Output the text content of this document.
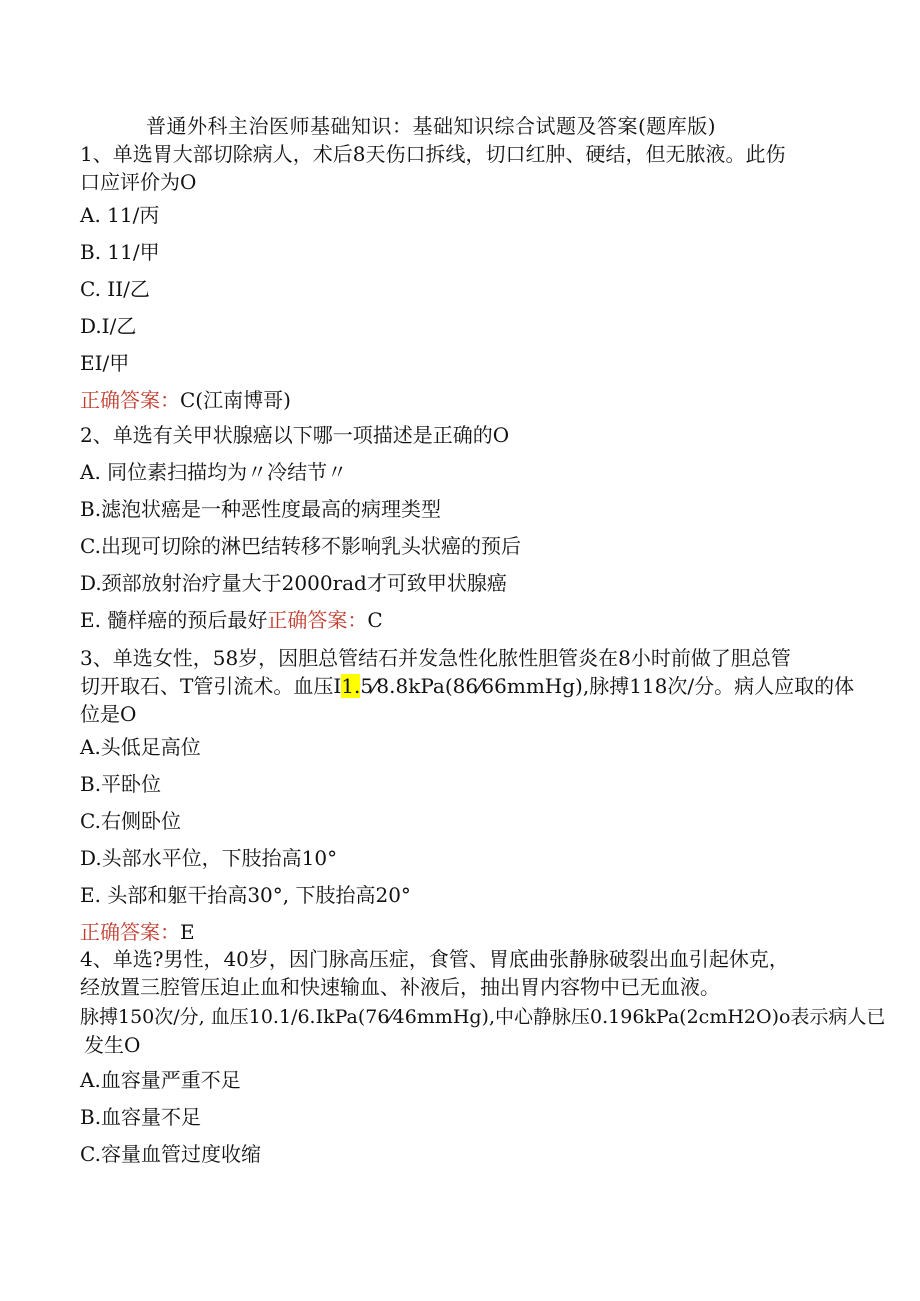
普通外科主治医师基础知识：基础知识综合试题及答案(题库版)
1、单选胃大部切除病人，术后8天伤口拆线，切口红肿、硬结，但无脓液。此伤
口应评价为O
A. 11/丙
B. 11/甲
C. II/乙
D.I/乙
EI/甲
正确答案：C(江南博哥)
2、单选有关甲状腺癌以下哪一项描述是正确的O
A. 同位素扫描均为〃冷结节〃
B.滤泡状癌是一种恶性度最高的病理类型
C.出现可切除的淋巴结转移不影响乳头状癌的预后
D.颈部放射治疗量大于2000rad才可致甲状腺癌
E. 髓样癌的预后最好正确答案：C
3、单选女性，58岁，因胆总管结石并发急性化脓性胆管炎在8小时前做了胆总管
切开取石、T管引流术。血压I1.5⁄8.8kPa(86⁄66mmHg),脉搏118次/分。病人应取的体
位是O
A.头低足高位
B.平卧位
C.右侧卧位
D.头部水平位，下肢抬高10°
E. 头部和躯干抬高30°, 下肢抬高20°
正确答案：E
4、单选?男性，40岁，因门脉高压症，食管、胃底曲张静脉破裂出血引起休克，
经放置三腔管压迫止血和快速输血、补液后，抽出胃内容物中已无血液。
脉搏150次/分, 血压10.1/6.IkPa(76⁄46mmHg),中心静脉压0.196kPa(2cmH2O)o表示病人已
发生O
A.血容量严重不足
B.血容量不足
C.容量血管过度收缩
